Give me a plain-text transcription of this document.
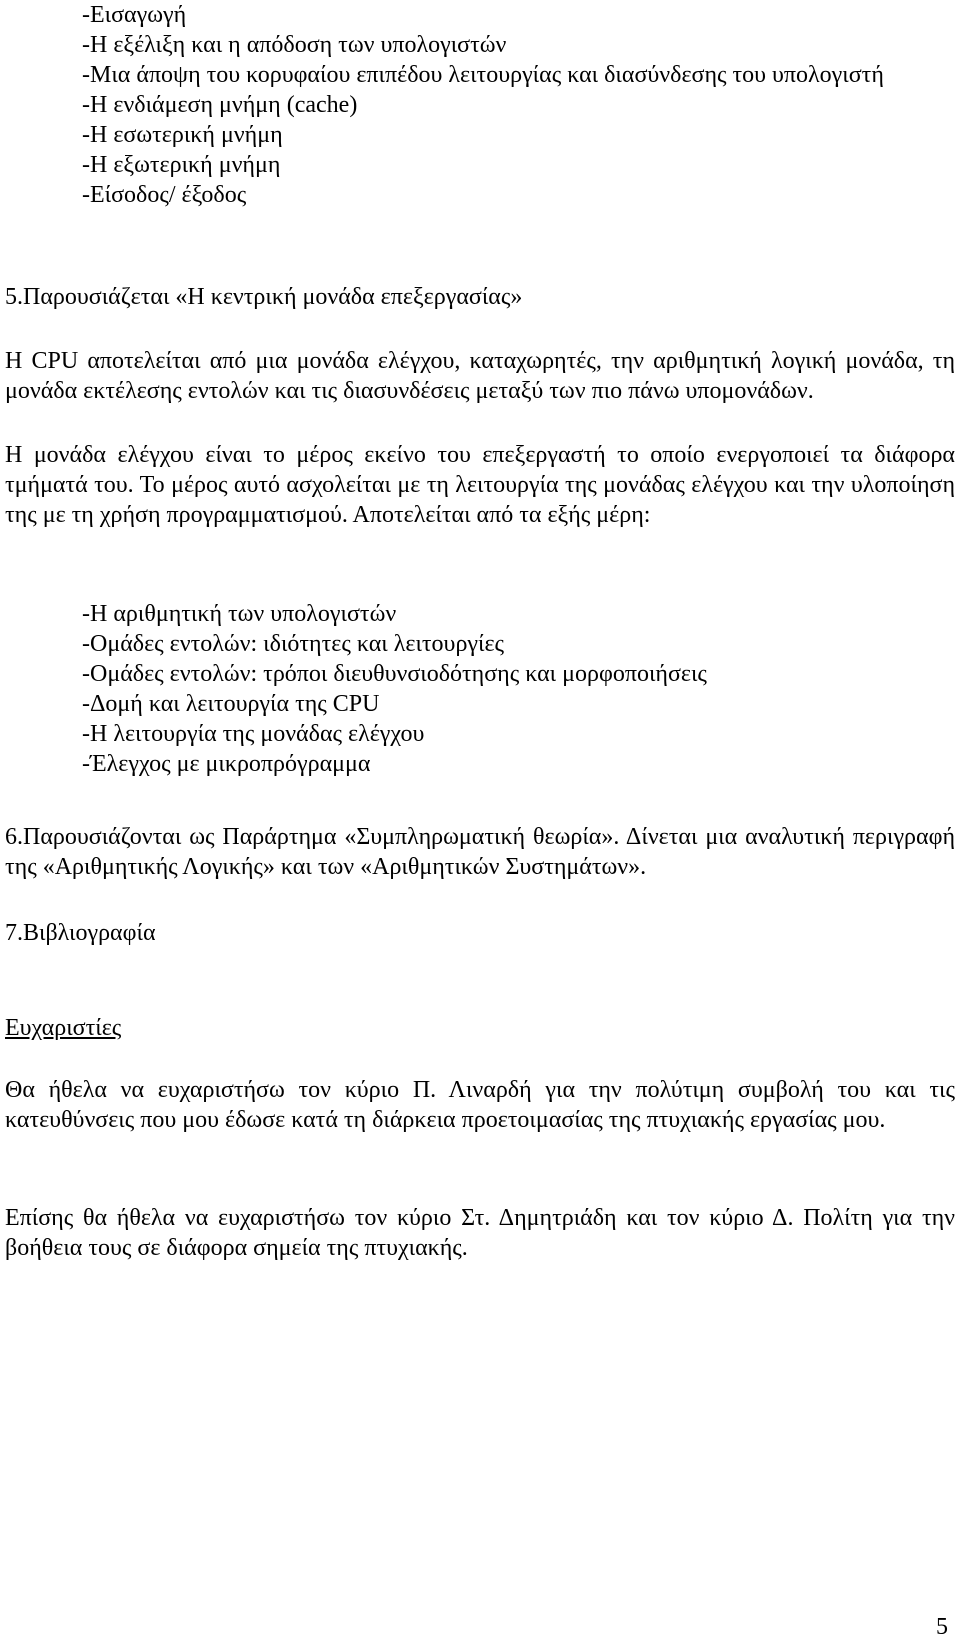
-Εισαγωγή
-Η εξέλιξη και η απόδοση των υπολογιστών
-Μια άποψη του κορυφαίου επιπέδου λειτουργίας και διασύνδεσης του υπολογιστή
-Η ενδιάμεση μνήμη (cache)
-Η εσωτερική μνήμη
-Η εξωτερική μνήμη
-Είσοδος/ έξοδος

5.Παρουσιάζεται «Η κεντρική μονάδα επεξεργασίας»

Η CPU αποτελείται από μια μονάδα ελέγχου, καταχωρητές, την αριθμητική λογική μονάδα, τη μονάδα εκτέλεσης εντολών και τις διασυνδέσεις μεταξύ των πιο πάνω υπομονάδων.

Η μονάδα ελέγχου είναι το μέρος εκείνο του επεξεργαστή το οποίο ενεργοποιεί τα διάφορα τμήματά του. Το μέρος αυτό ασχολείται με τη λειτουργία της μονάδας ελέγχου και την υλοποίηση της με τη χρήση προγραμματισμού. Αποτελείται από τα εξής μέρη:

-Η αριθμητική των υπολογιστών
-Ομάδες εντολών: ιδιότητες και λειτουργίες
-Ομάδες εντολών: τρόποι διευθυνσιοδότησης και μορφοποιήσεις
-Δομή και λειτουργία της CPU
-Η λειτουργία της μονάδας ελέγχου
-Έλεγχος με μικροπρόγραμμα

6.Παρουσιάζονται ως Παράρτημα «Συμπληρωματική θεωρία». Δίνεται μια αναλυτική περιγραφή της «Αριθμητικής Λογικής» και των «Αριθμητικών Συστημάτων».

7.Βιβλιογραφία

Ευχαριστίες

Θα ήθελα να ευχαριστήσω τον κύριο Π. Λιναρδή για την πολύτιμη συμβολή του και τις κατευθύνσεις που μου έδωσε κατά τη διάρκεια προετοιμασίας της πτυχιακής εργασίας μου.

Επίσης θα ήθελα να ευχαριστήσω τον κύριο Στ. Δημητριάδη και τον κύριο Δ. Πολίτη για την βοήθεια τους σε διάφορα σημεία της πτυχιακής.

5
